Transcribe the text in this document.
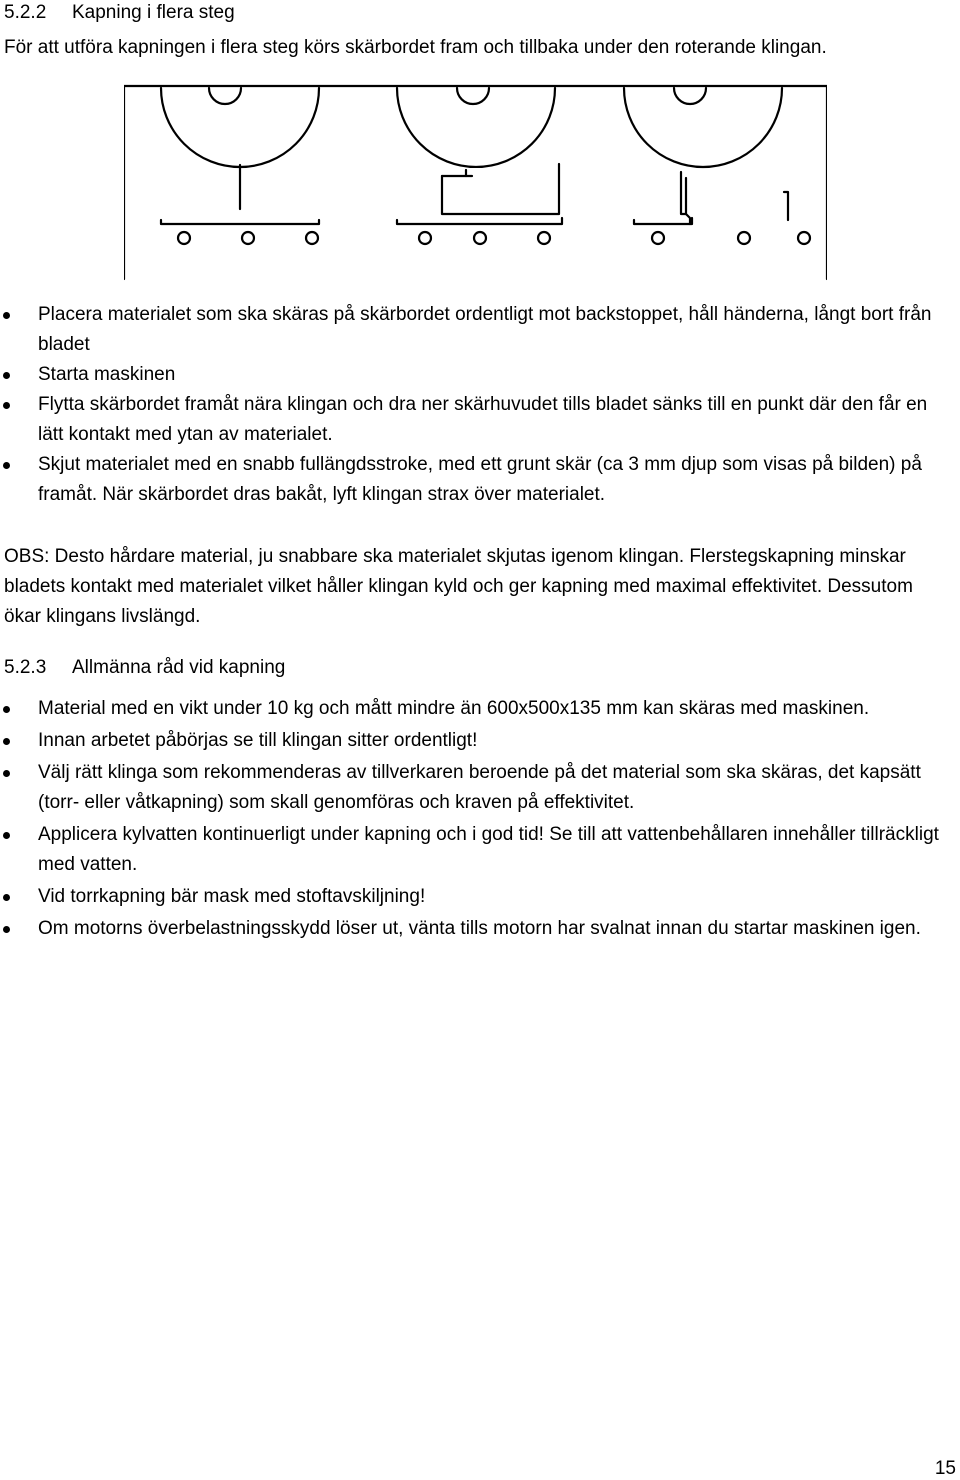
5.2.2 Kapning i flera steg
För att utföra kapningen i flera steg körs skärbordet fram och tillbaka under den roterande klingan.
Placera materialet som ska skäras på skärbordet ordentligt mot backstoppet, håll händerna, långt bort från bladet
Starta maskinen
Flytta skärbordet framåt nära klingan och dra ner skärhuvudet tills bladet sänks till en punkt där den får en lätt kontakt med ytan av materialet.
Skjut materialet med en snabb fullängdsstroke, med ett grunt skär (ca 3 mm djup som visas på bilden) på framåt. När skärbordet dras bakåt, lyft klingan strax över materialet.
OBS: Desto hårdare material, ju snabbare ska materialet skjutas igenom klingan. Flerstegskapning minskar bladets kontakt med materialet vilket håller klingan kyld och ger kapning med maximal effektivitet. Dessutom ökar klingans livslängd.
5.2.3 Allmänna råd vid kapning
Material med en vikt under 10 kg och mått mindre än 600x500x135 mm kan skäras med maskinen.
Innan arbetet påbörjas se till klingan sitter ordentligt!
Välj rätt klinga som rekommenderas av tillverkaren beroende på det material som ska skäras, det kapsätt (torr- eller våtkapning) som skall genomföras och kraven på effektivitet.
Applicera kylvatten kontinuerligt under kapning och i god tid! Se till att vattenbehållaren innehåller tillräckligt med vatten.
Vid torrkapning bär mask med stoftavskiljning!
Om motorns överbelastningsskydd löser ut, vänta tills motorn har svalnat innan du startar maskinen igen.
15
